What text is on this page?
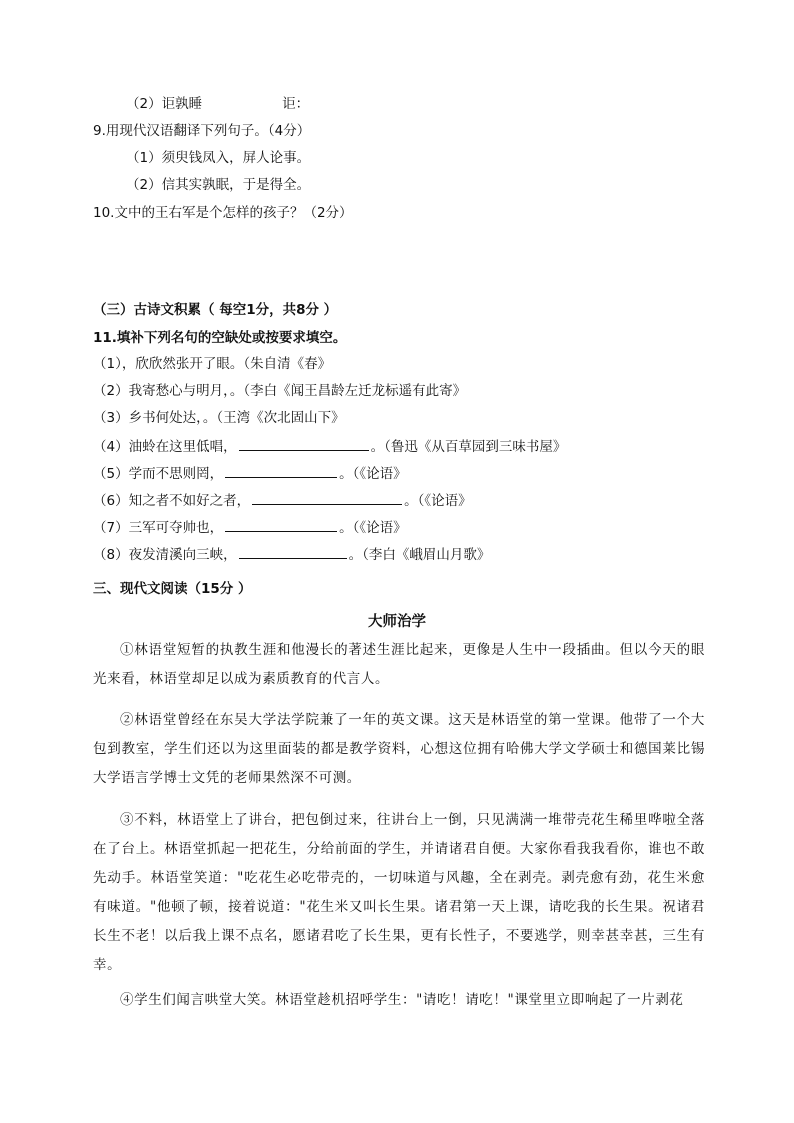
（2）讵孰睡	讵：
9.用现代汉语翻译下列句子。（4分）
（1）须臾钱凤入，屏人论事。
（2）信其实孰眠，于是得全。
10.文中的王右军是个怎样的孩子？（2分）
（三）古诗文积累（ 每空1分，共8分 ）
11.填补下列名句的空缺处或按要求填空。
（1），欣欣然张开了眼。（朱自清《春》
（2）我寄愁心与明月，。（李白《闻王昌龄左迁龙标遥有此寄》
（3）乡书何处达，。（王湾《次北固山下》
（4）油蛉在这里低唱，	。（鲁迅《从百草园到三味书屋》
（5）学而不思则罔，	。（《论语》
（6）知之者不如好之者，	。（《论语》
（7）三军可夺帅也，	。（《论语》
（8）夜发清溪向三峡，	。（李白《峨眉山月歌》
三、现代文阅读（15分 ）
大师治学
①林语堂短暂的执教生涯和他漫长的著述生涯比起来，更像是人生中一段插曲。但以今天的眼光来看，林语堂却足以成为素质教育的代言人。
②林语堂曾经在东吴大学法学院兼了一年的英文课。这天是林语堂的第一堂课。他带了一个大包到教室，学生们还以为这里面装的都是教学资料，心想这位拥有哈佛大学文学硕士和德国莱比锡大学语言学博士文凭的老师果然深不可测。
③不料，林语堂上了讲台，把包倒过来，往讲台上一倒，只见满满一堆带壳花生稀里哗啦全落在了台上。林语堂抓起一把花生，分给前面的学生，并请诸君自便。大家你看我我看你，谁也不敢先动手。林语堂笑道："吃花生必吃带壳的，一切味道与风趣，全在剥壳。剥壳愈有劲，花生米愈有味道。"他顿了顿，接着说道："花生米又叫长生果。诸君第一天上课，请吃我的长生果。祝诸君长生不老！以后我上课不点名，愿诸君吃了长生果，更有长性子，不要逃学，则幸甚幸甚，三生有幸。
④学生们闻言哄堂大笑。林语堂趁机招呼学生："请吃！请吃！"课堂里立即响起了一片剥花
